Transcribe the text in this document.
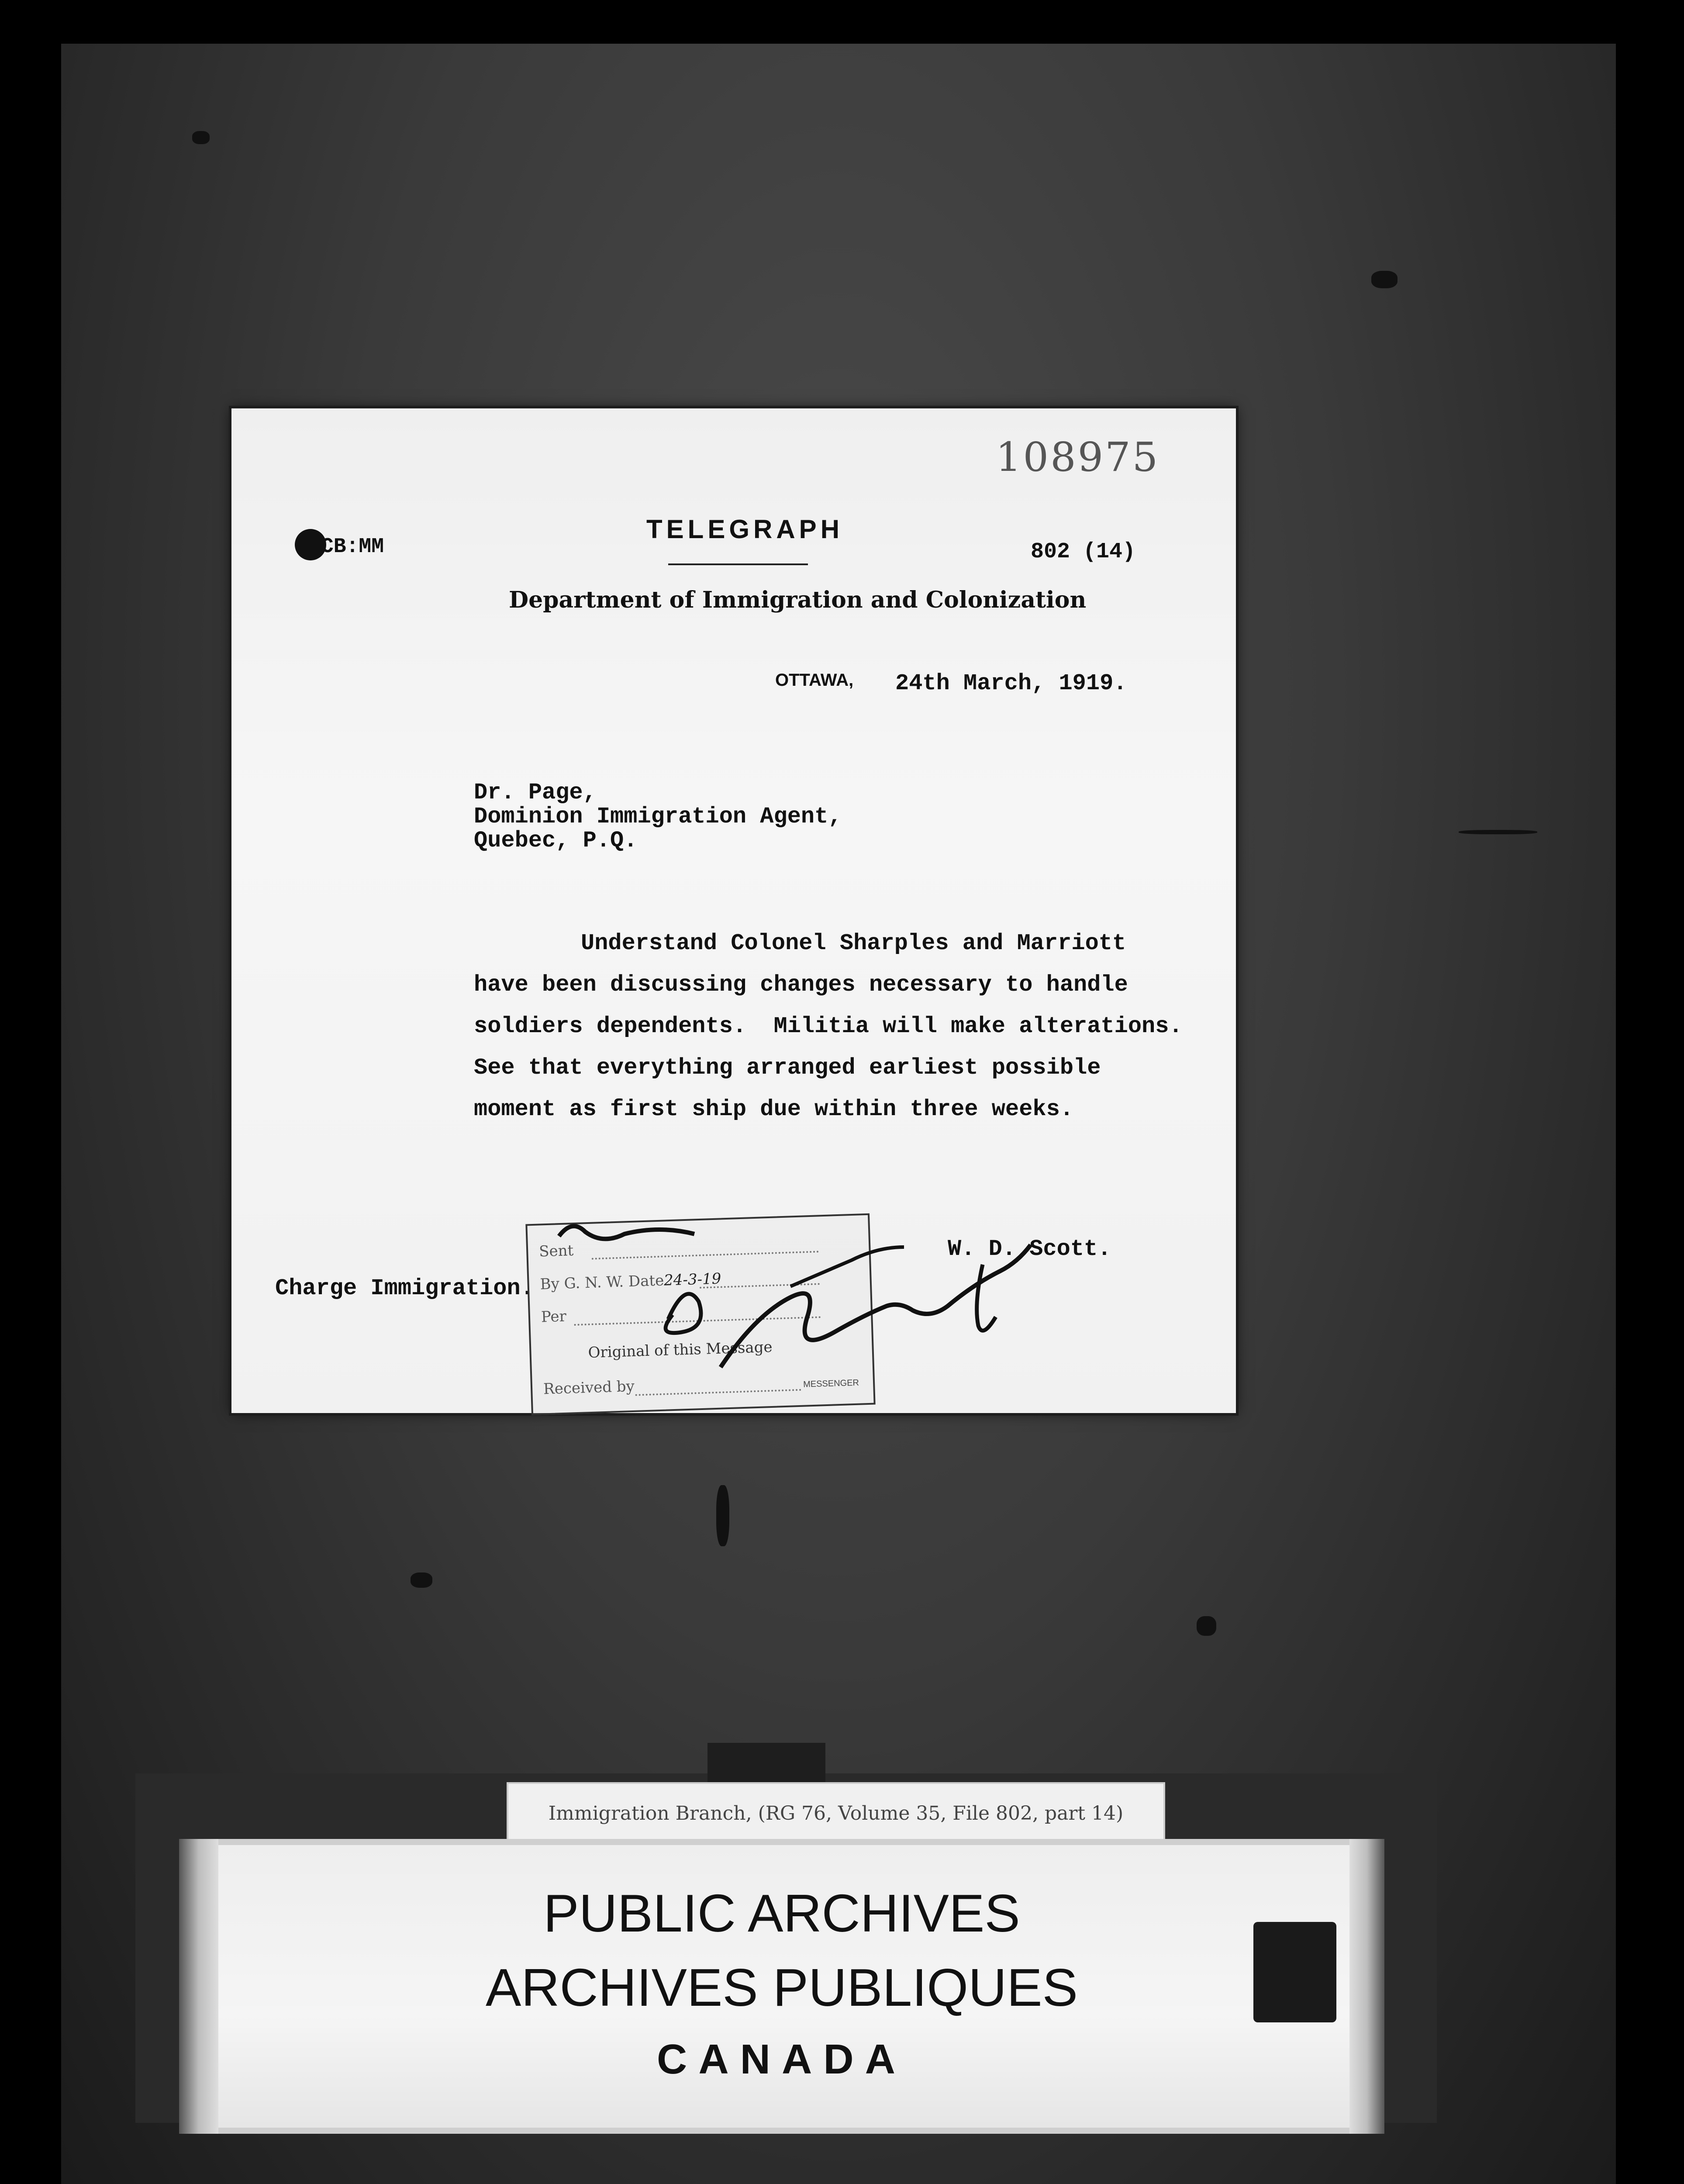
108975
CB:MM
TELEGRAPH
802 (14)
Department of Immigration and Colonization
OTTAWA, 24th March, 1919.
Dr. Page,
Dominion Immigration Agent,
Quebec, P.Q.
Understand Colonel Sharples and Marriott
have been discussing changes necessary to handle
soldiers dependents.  Militia will make alterations.
See that everything arranged earliest possible
moment as first ship due within three weeks.
W. D. Scott.
Charge Immigration.
Sent
By G. N. W. Date24-3-19
Per
Original of this Message
Received by	MESSENGER
Immigration Branch, (RG 76, Volume 35, File 802, part 14)
PUBLIC ARCHIVES
ARCHIVES PUBLIQUES
CANADA
